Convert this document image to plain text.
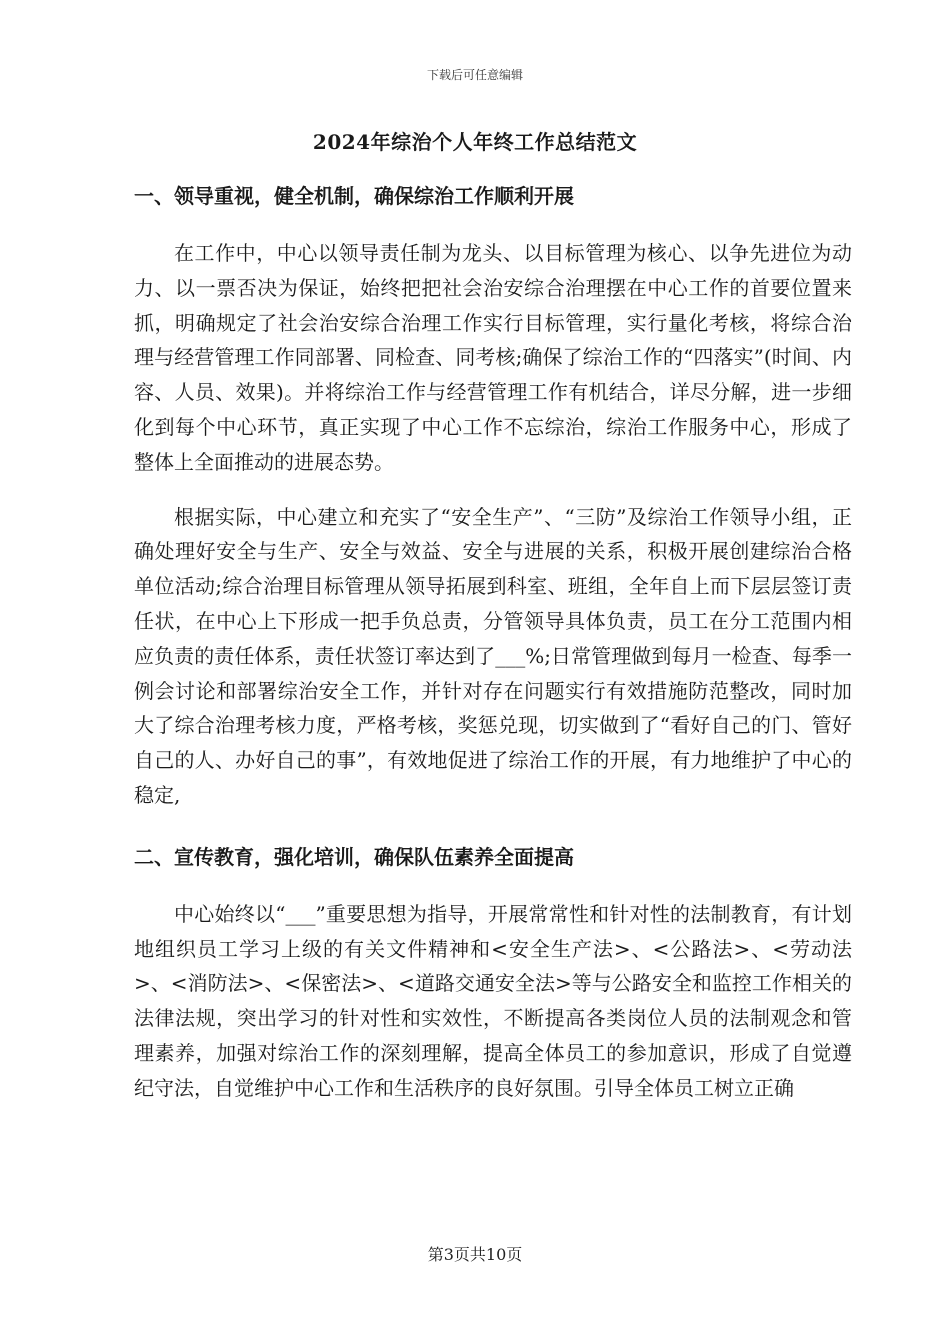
下载后可任意编辑
2024年综治个人年终工作总结范文
一、领导重视，健全机制，确保综治工作顺利开展

在工作中，中心以领导责任制为龙头、以目标管理为核心、以争先进位为动力、以一票否决为保证，始终把把社会治安综合治理摆在中心工作的首要位置来抓，明确规定了社会治安综合治理工作实行目标管理，实行量化考核，将综合治理与经营管理工作同部署、同检查、同考核;确保了综治工作的“四落实”(时间、内容、人员、效果)。并将综治工作与经营管理工作有机结合，详尽分解，进一步细化到每个中心环节，真正实现了中心工作不忘综治，综治工作服务中心，形成了整体上全面推动的进展态势。

根据实际，中心建立和充实了“安全生产”、“三防”及综治工作领导小组，正确处理好安全与生产、安全与效益、安全与进展的关系，积极开展创建综治合格单位活动;综合治理目标管理从领导拓展到科室、班组，全年自上而下层层签订责任状，在中心上下形成一把手负总责，分管领导具体负责，员工在分工范围内相应负责的责任体系，责任状签订率达到了___%;日常管理做到每月一检查、每季一例会讨论和部署综治安全工作，并针对存在问题实行有效措施防范整改，同时加大了综合治理考核力度，严格考核，奖惩兑现，切实做到了“看好自己的门、管好自己的人、办好自己的事”，有效地促进了综治工作的开展，有力地维护了中心的稳定,

二、宣传教育，强化培训，确保队伍素养全面提高

中心始终以“___”重要思想为指导，开展常常性和针对性的法制教育，有计划地组织员工学习上级的有关文件精神和<安全生产法>、<公路法>、<劳动法>、<消防法>、<保密法>、<道路交通安全法>等与公路安全和监控工作相关的法律法规，突出学习的针对性和实效性，不断提高各类岗位人员的法制观念和管理素养，加强对综治工作的深刻理解，提高全体员工的参加意识，形成了自觉遵纪守法，自觉维护中心工作和生活秩序的良好氛围。引导全体员工树立正确

第3页共10页
